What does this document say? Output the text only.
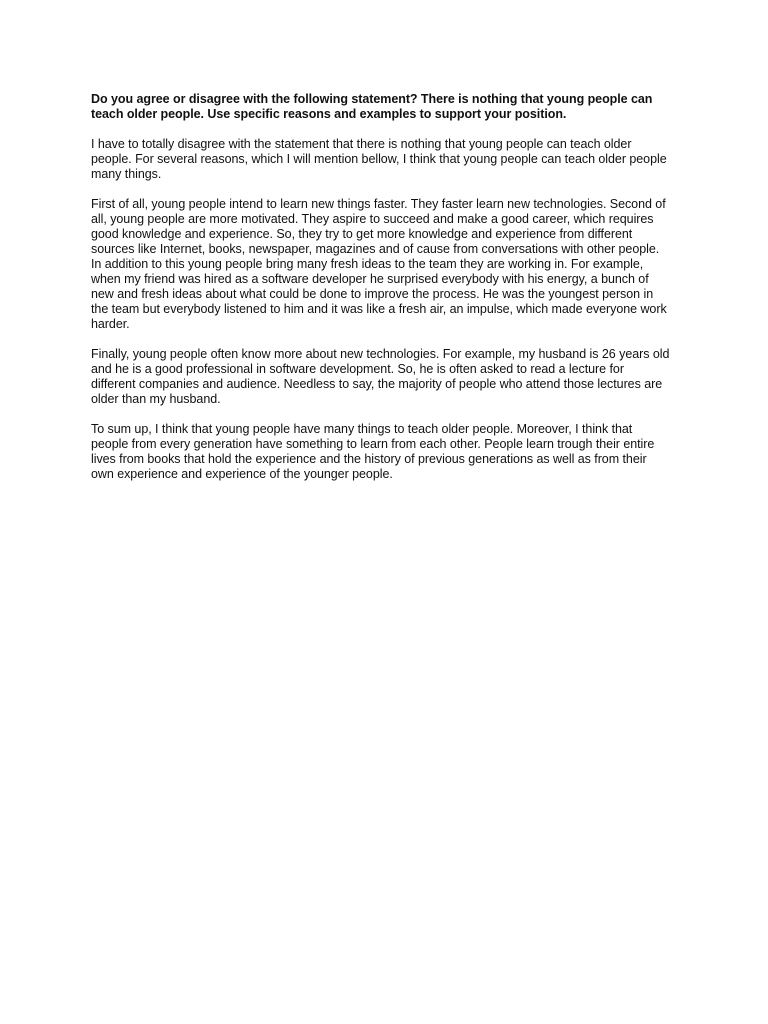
Do you agree or disagree with the following statement? There is nothing that young people can
teach older people. Use specific reasons and examples to support your position.

I have to totally disagree with the statement that there is nothing that young people can teach older
people. For several reasons, which I will mention bellow, I think that young people can teach older people
many things.

First of all, young people intend to learn new things faster. They faster learn new technologies. Second of
all, young people are more motivated. They aspire to succeed and make a good career, which requires
good knowledge and experience. So, they try to get more knowledge and experience from different
sources like Internet, books, newspaper, magazines and of cause from conversations with other people.
In addition to this young people bring many fresh ideas to the team they are working in. For example,
when my friend was hired as a software developer he surprised everybody with his energy, a bunch of
new and fresh ideas about what could be done to improve the process. He was the youngest person in
the team but everybody listened to him and it was like a fresh air, an impulse, which made everyone work
harder.

Finally, young people often know more about new technologies. For example, my husband is 26 years old
and he is a good professional in software development. So, he is often asked to read a lecture for
different companies and audience. Needless to say, the majority of people who attend those lectures are
older than my husband.

To sum up, I think that young people have many things to teach older people. Moreover, I think that
people from every generation have something to learn from each other. People learn trough their entire
lives from books that hold the experience and the history of previous generations as well as from their
own experience and experience of the younger people.
